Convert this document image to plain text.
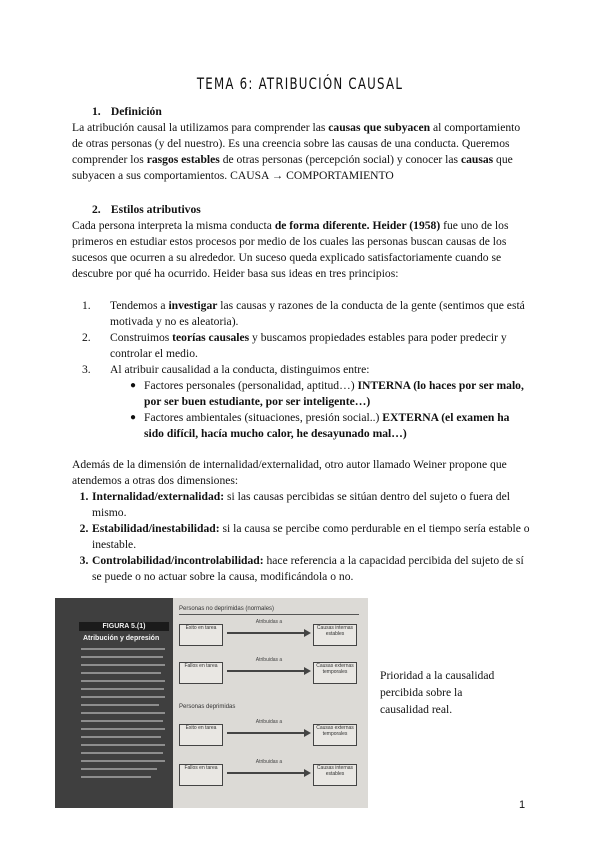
TEMA 6: ATRIBUCIÓN CAUSAL
1. Definición

La atribución causal la utilizamos para comprender las causas que subyacen al comportamiento de otras personas (y del nuestro). Es una creencia sobre las causas de una conducta. Queremos comprender los rasgos estables de otras personas (percepción social) y conocer las causas que subyacen a sus comportamientos. CAUSA → COMPORTAMIENTO

2. Estilos atributivos

Cada persona interpreta la misma conducta de forma diferente. Heider (1958) fue uno de los primeros en estudiar estos procesos por medio de los cuales las personas buscan causas de los sucesos que ocurren a su alrededor. Un suceso queda explicado satisfactoriamente cuando se descubre por qué ha ocurrido. Heider basa sus ideas en tres principios:

1. Tendemos a investigar las causas y razones de la conducta de la gente (sentimos que está motivada y no es aleatoria).
2. Construimos teorías causales y buscamos propiedades estables para poder predecir y controlar el medio.
3. Al atribuir causalidad a la conducta, distinguimos entre:
● Factores personales (personalidad, aptitud…) INTERNA (lo haces por ser malo, por ser buen estudiante, por ser inteligente…)
● Factores ambientales (situaciones, presión social..) EXTERNA (el examen ha sido difícil, hacía mucho calor, he desayunado mal…)

Además de la dimensión de internalidad/externalidad, otro autor llamado Weiner propone que atendemos a otras dos dimensiones:

1. Internalidad/externalidad: si las causas percibidas se sitúan dentro del sujeto o fuera del mismo.
2. Estabilidad/inestabilidad: si la causa se percibe como perdurable en el tiempo sería estable o inestable.
3. Controlabilidad/incontrolabilidad: hace referencia a la capacidad percibida del sujeto de sí se puede o no actuar sobre la causa, modificándola o no.
FIGURA 5.(1)
Atribución y depresión
Personas no deprimidas (normales)
Personas deprimidas
Éxito en tarea
Atribuidas a
Causas internas estables
Fallos en tarea
Atribuidas a
Causas externas temporales
Éxito en tarea
Atribuidas a
Causas externas temporales
Fallos en tarea
Atribuidas a
Causas internas estables
Prioridad a la causalidad percibida sobre la causalidad real.
1
